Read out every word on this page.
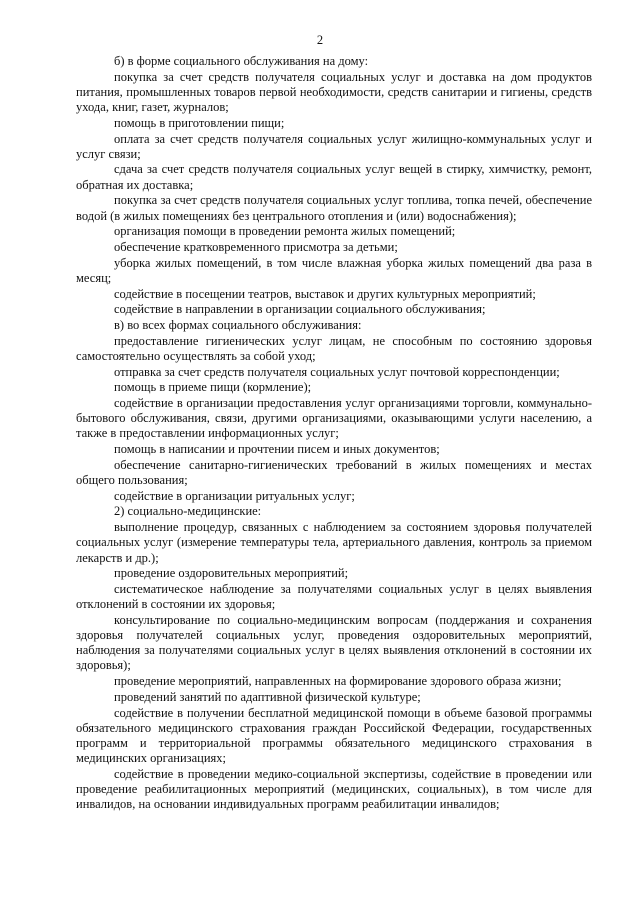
2

б) в форме социального обслуживания на дому:

покупка за счет средств получателя социальных услуг и доставка на дом продуктов питания, промышленных товаров первой необходимости, средств санитарии и гигиены, средств ухода, книг, газет, журналов;

помощь в приготовлении пищи;

оплата за счет средств получателя социальных услуг жилищно-коммунальных услуг и услуг связи;

сдача за счет средств получателя социальных услуг вещей в стирку, химчистку, ремонт, обратная их доставка;

покупка за счет средств получателя социальных услуг топлива, топка печей, обеспечение водой (в жилых помещениях без центрального отопления и (или) водоснабжения);

организация помощи в проведении ремонта жилых помещений;

обеспечение кратковременного присмотра за детьми;

уборка жилых помещений, в том числе влажная уборка жилых помещений два раза в месяц;

содействие в посещении театров, выставок и других культурных мероприятий;

содействие в направлении в организации социального обслуживания;

в) во всех формах социального обслуживания:

предоставление гигиенических услуг лицам, не способным по состоянию здоровья самостоятельно осуществлять за собой уход;

отправка за счет средств получателя социальных услуг почтовой корреспонденции;

помощь в приеме пищи (кормление);

содействие в организации предоставления услуг организациями торговли, коммунально-бытового обслуживания, связи, другими организациями, оказывающими услуги населению, а также в предоставлении информационных услуг;

помощь в написании и прочтении писем и иных документов;

обеспечение санитарно-гигиенических требований в жилых помещениях и местах общего пользования;

содействие в организации ритуальных услуг;

2) социально-медицинские:

выполнение процедур, связанных с наблюдением за состоянием здоровья получателей социальных услуг (измерение температуры тела, артериального давления, контроль за приемом лекарств и др.);

проведение оздоровительных мероприятий;

систематическое наблюдение за получателями социальных услуг в целях выявления отклонений в состоянии их здоровья;

консультирование по социально-медицинским вопросам (поддержания и сохранения здоровья получателей социальных услуг, проведения оздоровительных мероприятий, наблюдения за получателями социальных услуг в целях выявления отклонений в состоянии их здоровья);

проведение мероприятий, направленных на формирование здорового образа жизни;

проведений занятий по адаптивной физической культуре;

содействие в получении бесплатной медицинской помощи в объеме базовой программы обязательного медицинского страхования граждан Российской Федерации, государственных программ и территориальной программы обязательного медицинского страхования в медицинских организациях;

содействие в проведении медико-социальной экспертизы, содействие в проведении или проведение реабилитационных мероприятий (медицинских, социальных), в том числе для инвалидов, на основании индивидуальных программ реабилитации инвалидов;
